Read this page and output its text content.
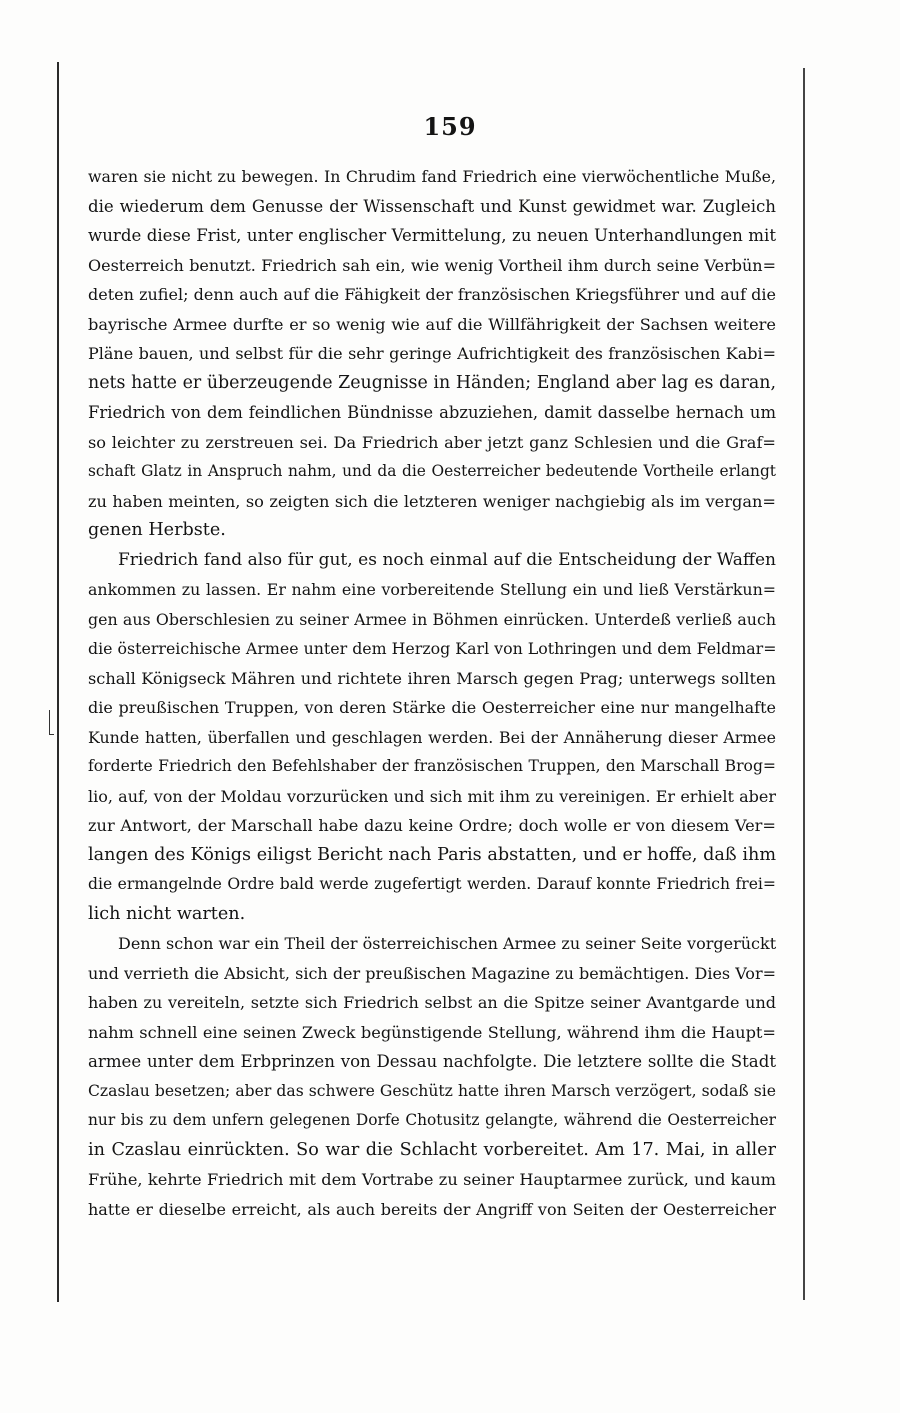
159
waren sie nicht zu bewegen. In Chrudim fand Friedrich eine vierwöchentliche Muße,
die wiederum dem Genusse der Wissenschaft und Kunst gewidmet war. Zugleich
wurde diese Frist, unter englischer Vermittelung, zu neuen Unterhandlungen mit
Oesterreich benutzt. Friedrich sah ein, wie wenig Vortheil ihm durch seine Verbün=
deten zufiel; denn auch auf die Fähigkeit der französischen Kriegsführer und auf die
bayrische Armee durfte er so wenig wie auf die Willfährigkeit der Sachsen weitere
Pläne bauen, und selbst für die sehr geringe Aufrichtigkeit des französischen Kabi=
nets hatte er überzeugende Zeugnisse in Händen; England aber lag es daran,
Friedrich von dem feindlichen Bündnisse abzuziehen, damit dasselbe hernach um
so leichter zu zerstreuen sei. Da Friedrich aber jetzt ganz Schlesien und die Graf=
schaft Glatz in Anspruch nahm, und da die Oesterreicher bedeutende Vortheile erlangt
zu haben meinten, so zeigten sich die letzteren weniger nachgiebig als im vergan=
genen Herbste.
Friedrich fand also für gut, es noch einmal auf die Entscheidung der Waffen
ankommen zu lassen. Er nahm eine vorbereitende Stellung ein und ließ Verstärkun=
gen aus Oberschlesien zu seiner Armee in Böhmen einrücken. Unterdeß verließ auch
die österreichische Armee unter dem Herzog Karl von Lothringen und dem Feldmar=
schall Königseck Mähren und richtete ihren Marsch gegen Prag; unterwegs sollten
die preußischen Truppen, von deren Stärke die Oesterreicher eine nur mangelhafte
Kunde hatten, überfallen und geschlagen werden. Bei der Annäherung dieser Armee
forderte Friedrich den Befehlshaber der französischen Truppen, den Marschall Brog=
lio, auf, von der Moldau vorzurücken und sich mit ihm zu vereinigen. Er erhielt aber
zur Antwort, der Marschall habe dazu keine Ordre; doch wolle er von diesem Ver=
langen des Königs eiligst Bericht nach Paris abstatten, und er hoffe, daß ihm
die ermangelnde Ordre bald werde zugefertigt werden. Darauf konnte Friedrich frei=
lich nicht warten.
Denn schon war ein Theil der österreichischen Armee zu seiner Seite vorgerückt
und verrieth die Absicht, sich der preußischen Magazine zu bemächtigen. Dies Vor=
haben zu vereiteln, setzte sich Friedrich selbst an die Spitze seiner Avantgarde und
nahm schnell eine seinen Zweck begünstigende Stellung, während ihm die Haupt=
armee unter dem Erbprinzen von Dessau nachfolgte. Die letztere sollte die Stadt
Czaslau besetzen; aber das schwere Geschütz hatte ihren Marsch verzögert, sodaß sie
nur bis zu dem unfern gelegenen Dorfe Chotusitz gelangte, während die Oesterreicher
in Czaslau einrückten. So war die Schlacht vorbereitet. Am 17. Mai, in aller
Frühe, kehrte Friedrich mit dem Vortrabe zu seiner Hauptarmee zurück, und kaum
hatte er dieselbe erreicht, als auch bereits der Angriff von Seiten der Oesterreicher
